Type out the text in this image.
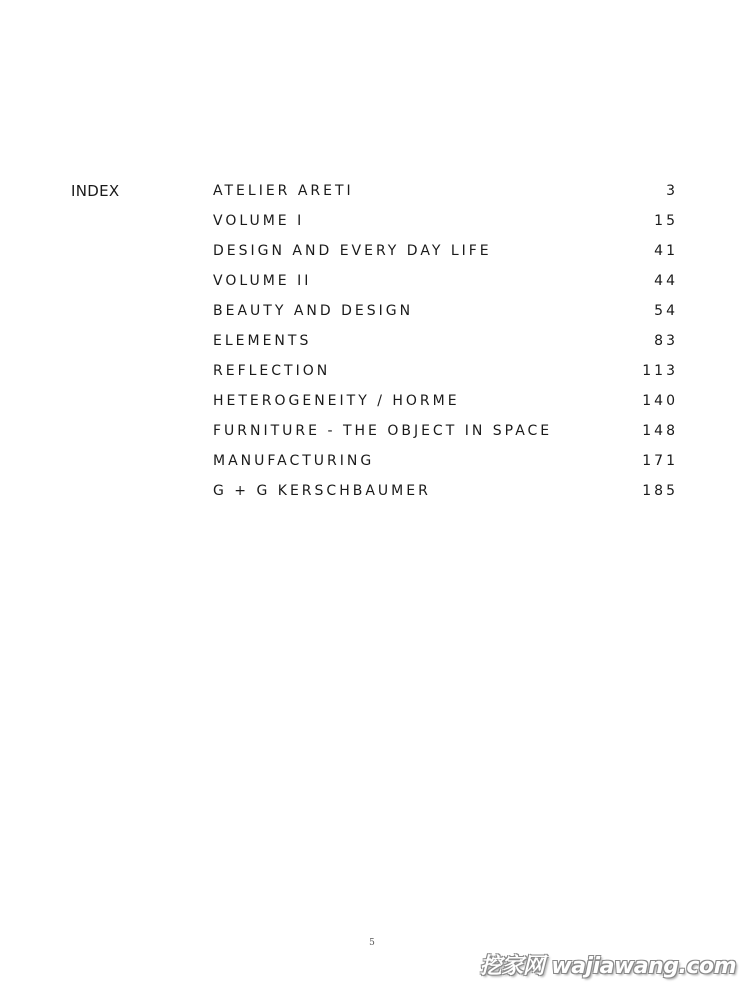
INDEX	ATELIER ARETI	3
VOLUME I	15
DESIGN AND EVERY DAY LIFE	41
VOLUME II	44
BEAUTY AND DESIGN	54
ELEMENTS	83
REFLECTION	113
HETEROGENEITY / HORME	140
FURNITURE - THE OBJECT IN SPACE	148
MANUFACTURING	171
G + G KERSCHBAUMER	185
5
挖家网 wajiawang.com
